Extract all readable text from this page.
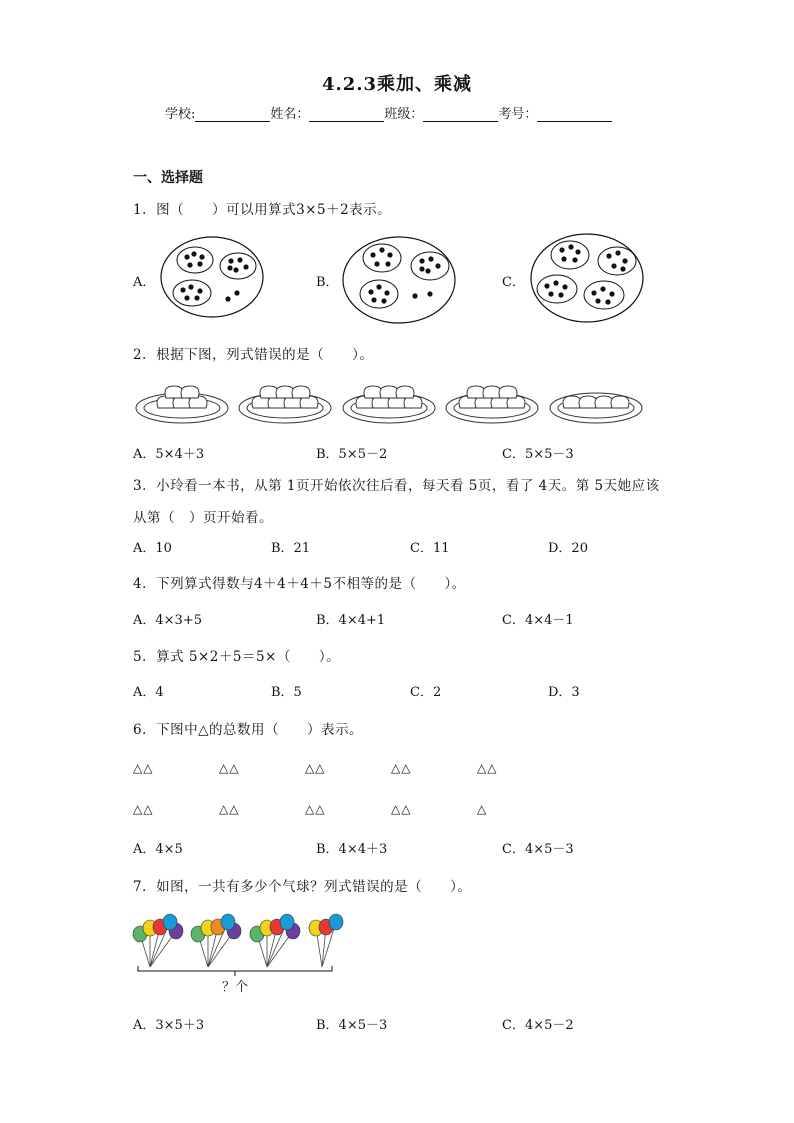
4.2.3乘加、乘减
学校:	姓名：	班级：	考号：
一、选择题
1．图（　　）可以用算式3×5＋2表示。
A．	B．	C．
2．根据下图，列式错误的是（　　）。
A．5×4＋3	B．5×5－2	C．5×5－3
3．小玲看一本书，从第 1页开始依次往后看，每天看 5页，看了 4天。第 5天她应该
从第（　）页开始看。
A．10	B．21	C．11	D．20
4．下列算式得数与4＋4＋4＋5不相等的是（　　）。
A．4×3+5	B．4×4+1	C．4×4－1
5．算式 5×2＋5＝5×（　　）。
A．4	B．5	C．2	D．3
6．下图中△的总数用（　　）表示。
△△	△△	△△	△△	△△
△△	△△	△△	△△	△
A．4×5	B．4×4＋3	C．4×5－3
7．如图，一共有多少个气球？列式错误的是（　　）。
？个
A．3×5＋3	B．4×5－3	C．4×5－2
